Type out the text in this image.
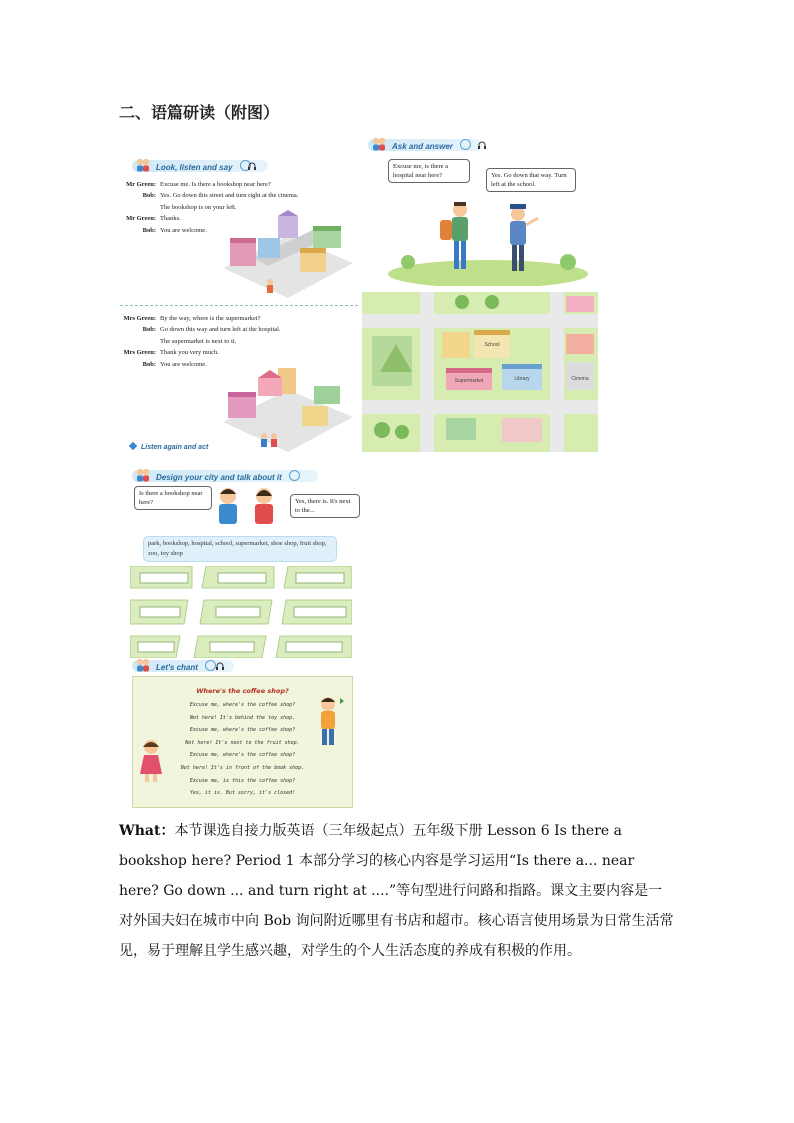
二、语篇研读（附图）
Look, listen and say
Mr Green: Excuse me. Is there a bookshop near here?
Bob: Yes. Go down this street and turn right at the cinema.
The bookshop is on your left.
Mr Green: Thanks.
Bob: You are welcome.
Mrs Green: By the way, where is the supermarket?
Bob: Go down this way and turn left at the hospital.
The supermarket is next to it.
Mrs Green: Thank you very much.
Bob: You are welcome.
Listen again and act
Ask and answer
Excuse me, is there a hospital near here?	Yes. Go down that way. Turn left at the school.
School
Supermarket	Library	Cinema
Design your city and talk about it
Is there a bookshop near here?	Yes, there is. It's next to the...
park, bookshop, hospital, school, supermarket, shoe shop, fruit shop, zoo, toy shop
Let's chant
Where's the coffee shop?
Excuse me, where's the coffee shop?
Not here! It's behind the toy shop.
Excuse me, where's the coffee shop?
Not here! It's next to the fruit shop.
Excuse me, where's the coffee shop?
Not here! It's in front of the book shop.
Excuse me, is this the coffee shop?
Yes, it is. But sorry, it's closed!
What：本节课选自接力版英语（三年级起点）五年级下册 Lesson 6 Is there a bookshop here? Period 1 本部分学习的核心内容是学习运用“Is there a... near here? Go down ... and turn right at ....”等句型进行问路和指路。课文主要内容是一对外国夫妇在城市中向 Bob 询问附近哪里有书店和超市。核心语言使用场景为日常生活常见，易于理解且学生感兴趣，对学生的个人生活态度的养成有积极的作用。
